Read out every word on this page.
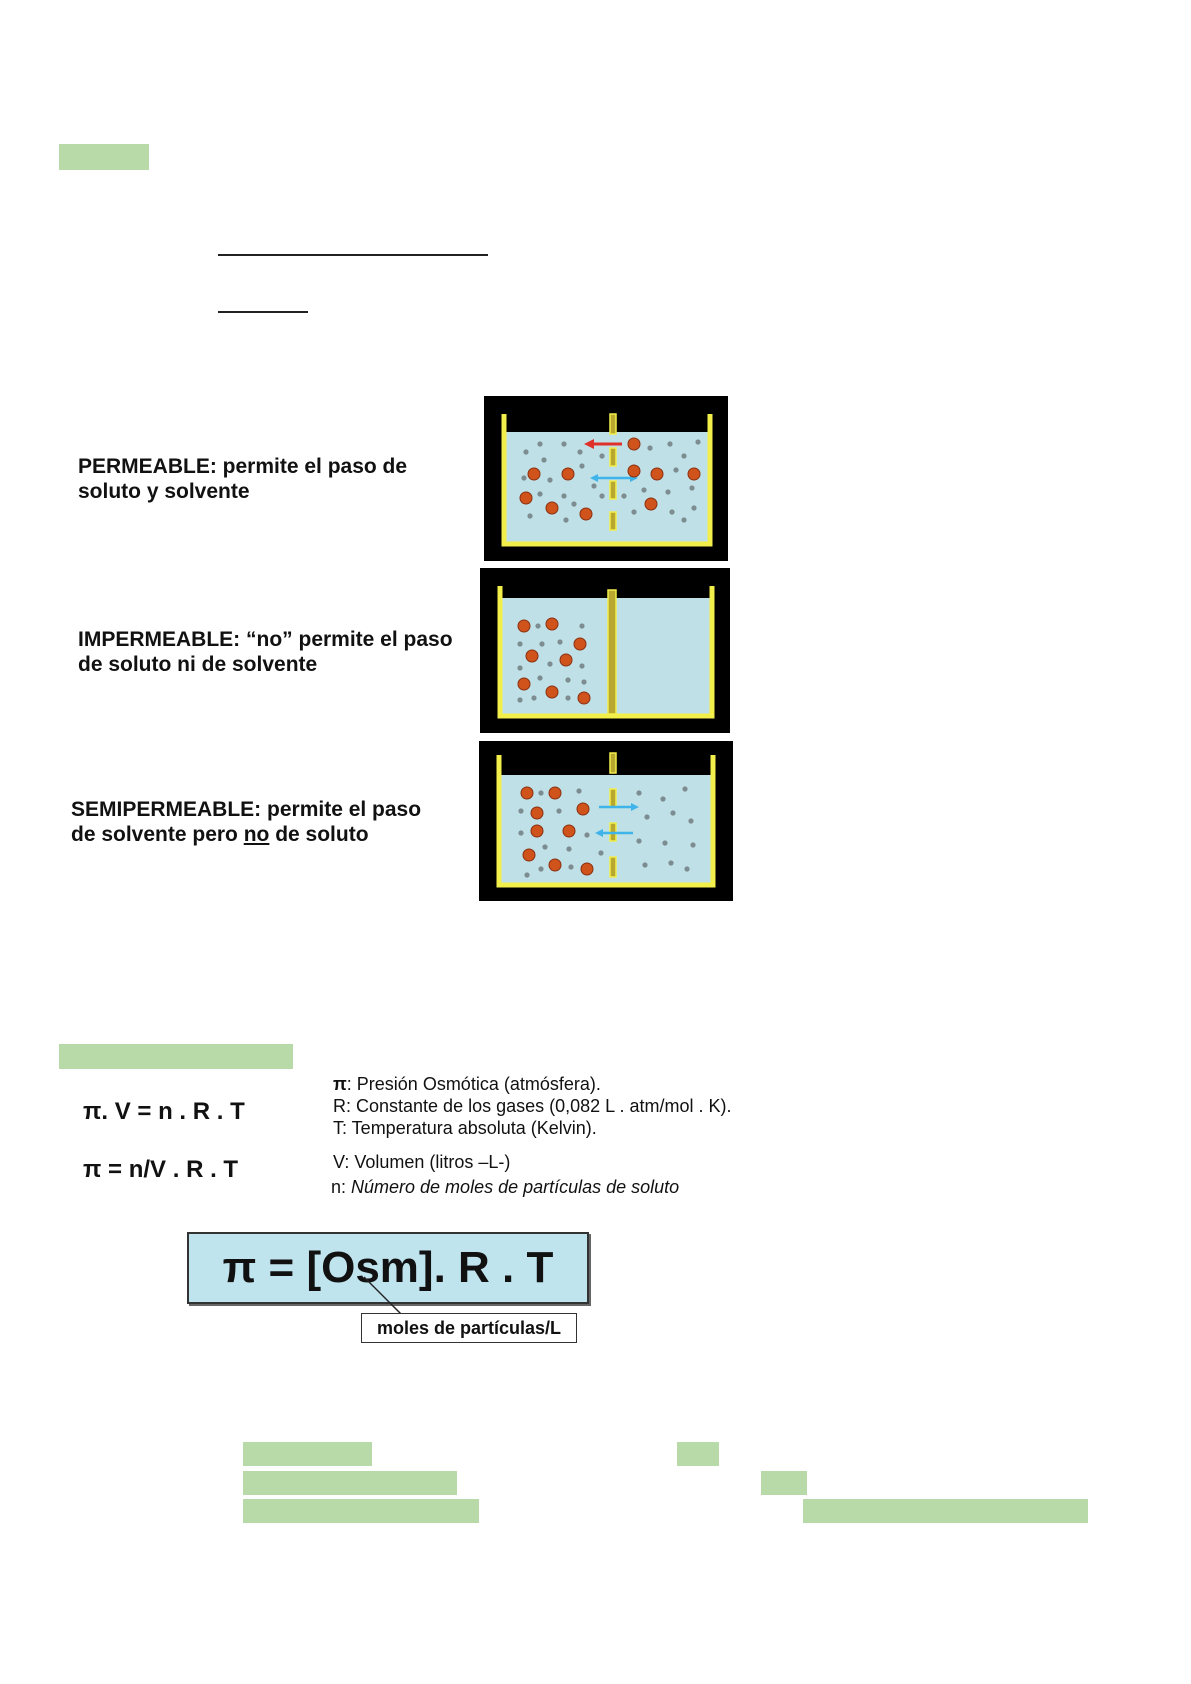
PERMEABLE: permite el paso de
soluto y solvente
IMPERMEABLE: “no” permite el paso
de soluto ni de solvente
SEMIPERMEABLE: permite el paso
de solvente pero no de soluto
π. V = n . R . T
π = n/V . R . T
π: Presión Osmótica (atmósfera).
R: Constante de los gases (0,082 L . atm/mol . K).
T: Temperatura absoluta (Kelvin).
V: Volumen (litros –L-)
n: Número de moles de partículas de soluto
π = [Osm]. R . T
moles de partículas/L
